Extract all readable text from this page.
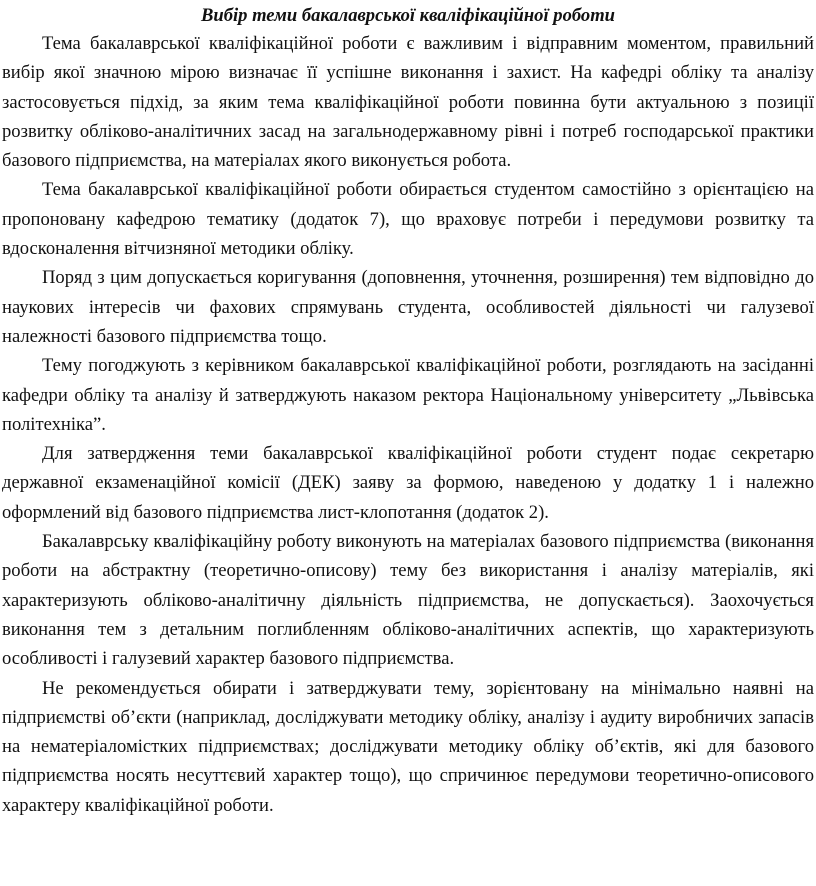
Вибір теми бакалаврської кваліфікаційної роботи

Тема бакалаврської кваліфікаційної роботи є важливим і відправним моментом, правильний вибір якої значною мірою визначає її успішне виконання і захист. На кафедрі обліку та аналізу застосовується підхід, за яким тема кваліфікаційної роботи повинна бути актуальною з позиції розвитку обліково-аналітичних засад на загальнодержавному рівні і потреб господарської практики базового підприємства, на матеріалах якого виконується робота.

Тема бакалаврської кваліфікаційної роботи обирається студентом самостійно з орієнтацією на пропоновану кафедрою тематику (додаток 7), що враховує потреби і передумови розвитку та вдосконалення вітчизняної методики обліку.

Поряд з цим допускається коригування (доповнення, уточнення, розширення) тем відповідно до наукових інтересів чи фахових спрямувань студента, особливостей діяльності чи галузевої належності базового підприємства тощо.

Тему погоджують з керівником бакалаврської кваліфікаційної роботи, розглядають на засіданні кафедри обліку та аналізу й затверджують наказом ректора Національному університету „Львівська політехніка”.

Для затвердження теми бакалаврської кваліфікаційної роботи студент подає секретарю державної екзаменаційної комісії (ДЕК) заяву за формою, наведеною у додатку 1 і належно оформлений від базового підприємства лист-клопотання (додаток 2).

Бакалаврську кваліфікаційну роботу виконують на матеріалах базового підприємства (виконання роботи на абстрактну (теоретично-описову) тему без використання і аналізу матеріалів, які характеризують обліково-аналітичну діяльність підприємства, не допускається). Заохочується виконання тем з детальним поглибленням обліково-аналітичних аспектів, що характеризують особливості і галузевий характер базового підприємства.

Не рекомендується обирати і затверджувати тему, зорієнтовану на мінімально наявні на підприємстві об’єкти (наприклад, досліджувати методику обліку, аналізу і аудиту виробничих запасів на нематеріаломістких підприємствах; досліджувати методику обліку об’єктів, які для базового підприємства носять несуттєвий характер тощо), що спричинює передумови теоретично-описового характеру кваліфікаційної роботи.
